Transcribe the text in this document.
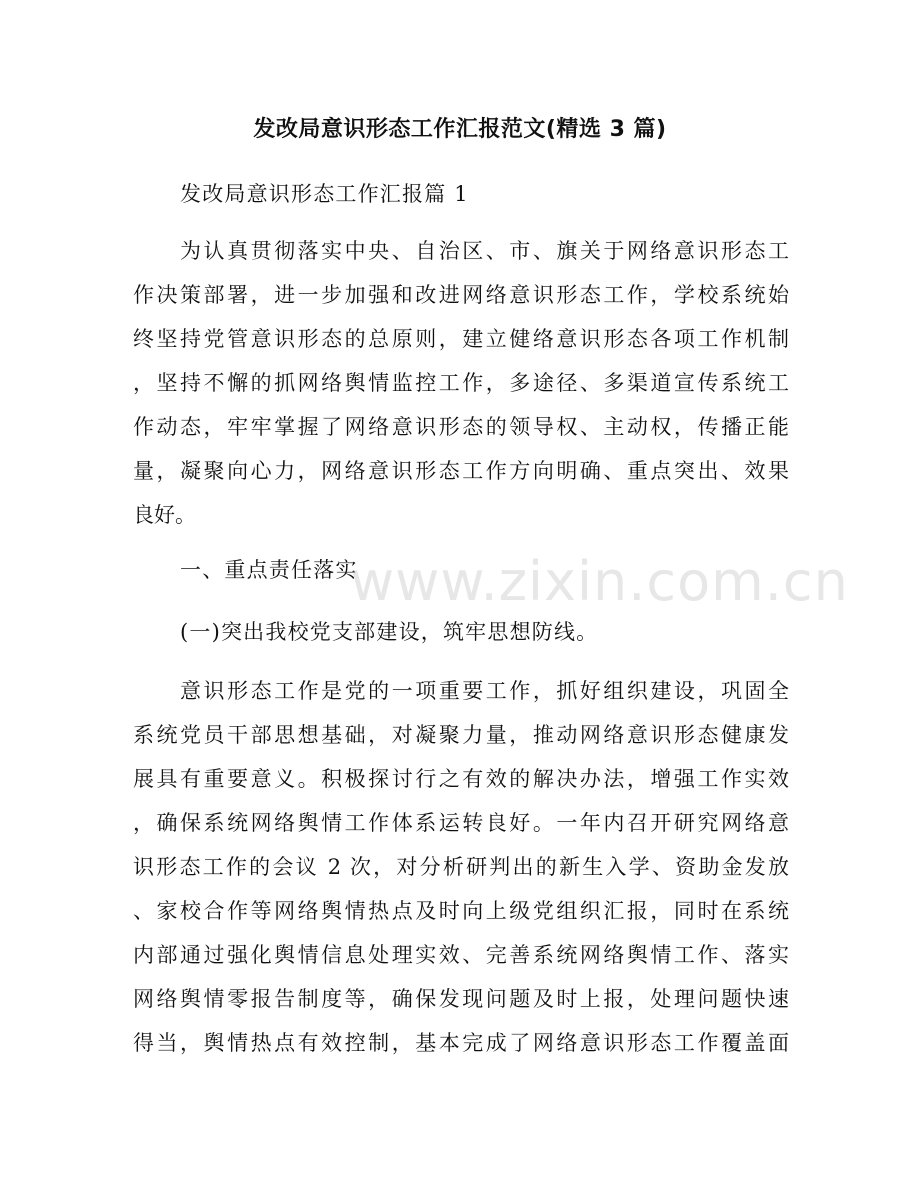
发改局意识形态工作汇报范文(精选 3 篇)
发改局意识形态工作汇报篇 1
　　为认真贯彻落实中央、自治区、市、旗关于网络意识形态工
作决策部署，进一步加强和改进网络意识形态工作，学校系统始
终坚持党管意识形态的总原则，建立健络意识形态各项工作机制
，坚持不懈的抓网络舆情监控工作，多途径、多渠道宣传系统工
作动态，牢牢掌握了网络意识形态的领导权、主动权，传播正能
量，凝聚向心力，网络意识形态工作方向明确、重点突出、效果
良好。
一、重点责任落实
(一)突出我校党支部建设，筑牢思想防线。
　　意识形态工作是党的一项重要工作，抓好组织建设，巩固全
系统党员干部思想基础，对凝聚力量，推动网络意识形态健康发
展具有重要意义。积极探讨行之有效的解决办法，增强工作实效
，确保系统网络舆情工作体系运转良好。一年内召开研究网络意
识形态工作的会议 2 次，对分析研判出的新生入学、资助金发放
、家校合作等网络舆情热点及时向上级党组织汇报，同时在系统
内部通过强化舆情信息处理实效、完善系统网络舆情工作、落实
网络舆情零报告制度等，确保发现问题及时上报，处理问题快速
得当，舆情热点有效控制，基本完成了网络意识形态工作覆盖面
www.zixin.com.cn
